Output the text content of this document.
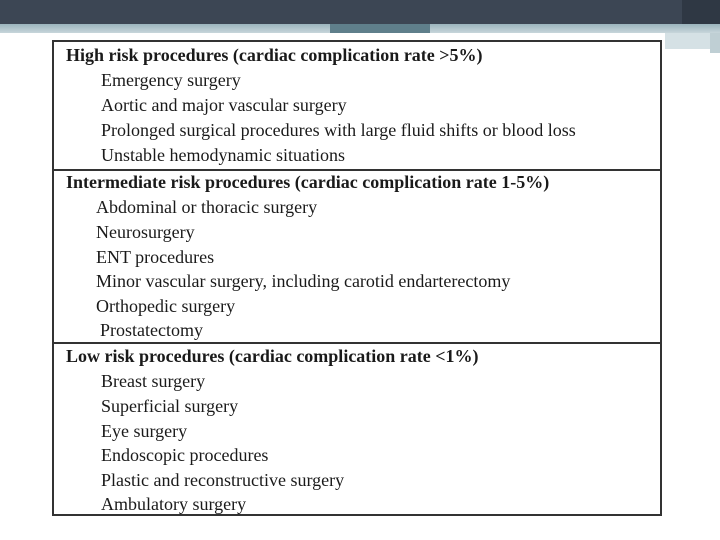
High risk procedures (cardiac complication rate >5%)
Emergency surgery
Aortic and major vascular surgery
Prolonged surgical procedures with large fluid shifts or blood loss
Unstable hemodynamic situations
Intermediate risk procedures (cardiac complication rate 1-5%)
Abdominal or thoracic surgery
Neurosurgery
ENT procedures
Minor vascular surgery, including carotid endarterectomy
Orthopedic surgery
Prostatectomy
Low risk procedures (cardiac complication rate <1%)
Breast surgery
Superficial surgery
Eye surgery
Endoscopic procedures
Plastic and reconstructive surgery
Ambulatory surgery
